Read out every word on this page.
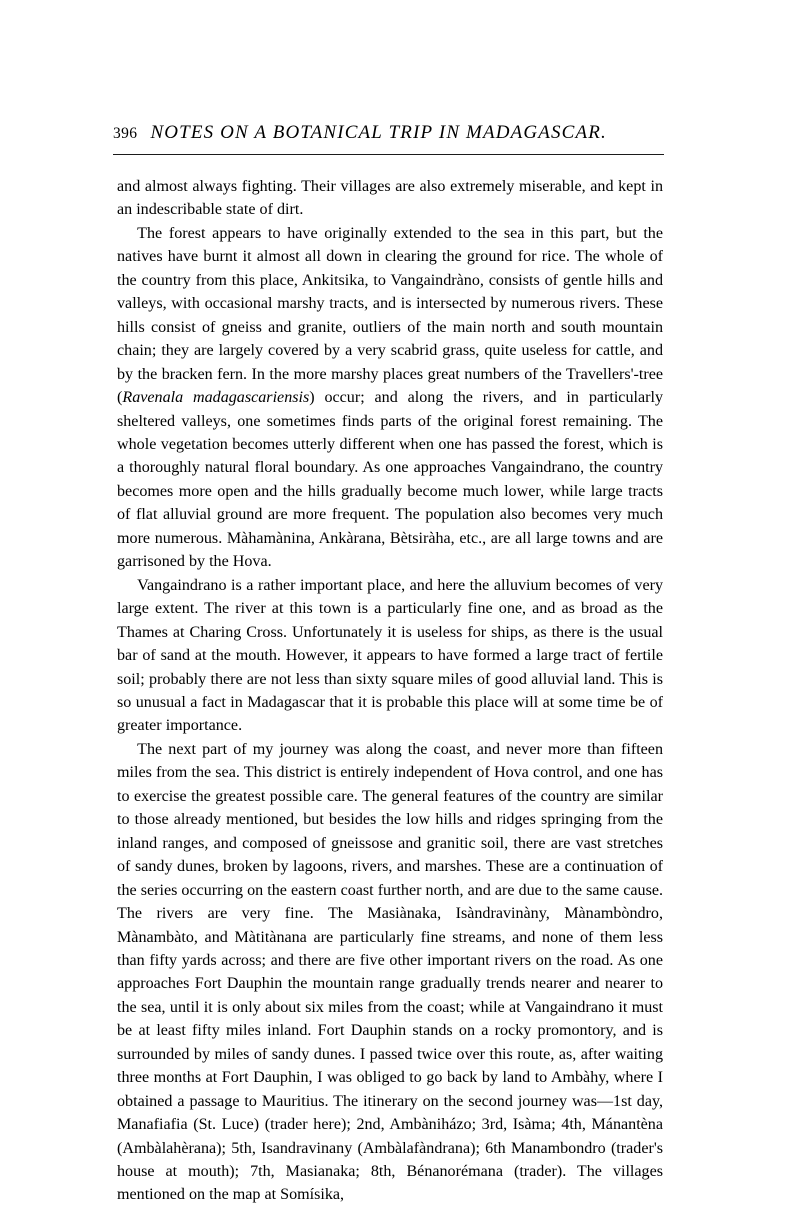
396 NOTES ON A BOTANICAL TRIP IN MADAGASCAR.

and almost always fighting. Their villages are also extremely miserable, and kept in an indescribable state of dirt.

The forest appears to have originally extended to the sea in this part, but the natives have burnt it almost all down in clearing the ground for rice. The whole of the country from this place, Ankitsika, to Vangaindràno, consists of gentle hills and valleys, with occasional marshy tracts, and is intersected by numerous rivers. These hills consist of gneiss and granite, outliers of the main north and south mountain chain; they are largely covered by a very scabrid grass, quite useless for cattle, and by the bracken fern. In the more marshy places great numbers of the Travellers'-tree (Ravenala madagascariensis) occur; and along the rivers, and in particularly sheltered valleys, one sometimes finds parts of the original forest remaining. The whole vegetation becomes utterly different when one has passed the forest, which is a thoroughly natural floral boundary. As one approaches Vangaindrano, the country becomes more open and the hills gradually become much lower, while large tracts of flat alluvial ground are more frequent. The population also becomes very much more numerous. Màhamànina, Ankàrana, Bètsiràha, etc., are all large towns and are garrisoned by the Hova.

Vangaindrano is a rather important place, and here the alluvium becomes of very large extent. The river at this town is a particularly fine one, and as broad as the Thames at Charing Cross. Unfortunately it is useless for ships, as there is the usual bar of sand at the mouth. However, it appears to have formed a large tract of fertile soil; probably there are not less than sixty square miles of good alluvial land. This is so unusual a fact in Madagascar that it is probable this place will at some time be of greater importance.

The next part of my journey was along the coast, and never more than fifteen miles from the sea. This district is entirely independent of Hova control, and one has to exercise the greatest possible care. The general features of the country are similar to those already mentioned, but besides the low hills and ridges springing from the inland ranges, and composed of gneissose and granitic soil, there are vast stretches of sandy dunes, broken by lagoons, rivers, and marshes. These are a continuation of the series occurring on the eastern coast further north, and are due to the same cause. The rivers are very fine. The Masiànaka, Isàndravinàny, Mànambòndro, Mànambàto, and Màtitànana are particularly fine streams, and none of them less than fifty yards across; and there are five other important rivers on the road. As one approaches Fort Dauphin the mountain range gradually trends nearer and nearer to the sea, until it is only about six miles from the coast; while at Vangaindrano it must be at least fifty miles inland. Fort Dauphin stands on a rocky promontory, and is surrounded by miles of sandy dunes. I passed twice over this route, as, after waiting three months at Fort Dauphin, I was obliged to go back by land to Ambàhy, where I obtained a passage to Mauritius. The itinerary on the second journey was—1st day, Manafiafia (St. Luce) (trader here); 2nd, Ambàniházo; 3rd, Isàma; 4th, Mánantèna (Ambàlahèrana); 5th, Isandravinany (Ambàlafàndrana); 6th Manambondro (trader's house at mouth); 7th, Masianaka; 8th, Bénanorémana (trader). The villages mentioned on the map at Somísika,
